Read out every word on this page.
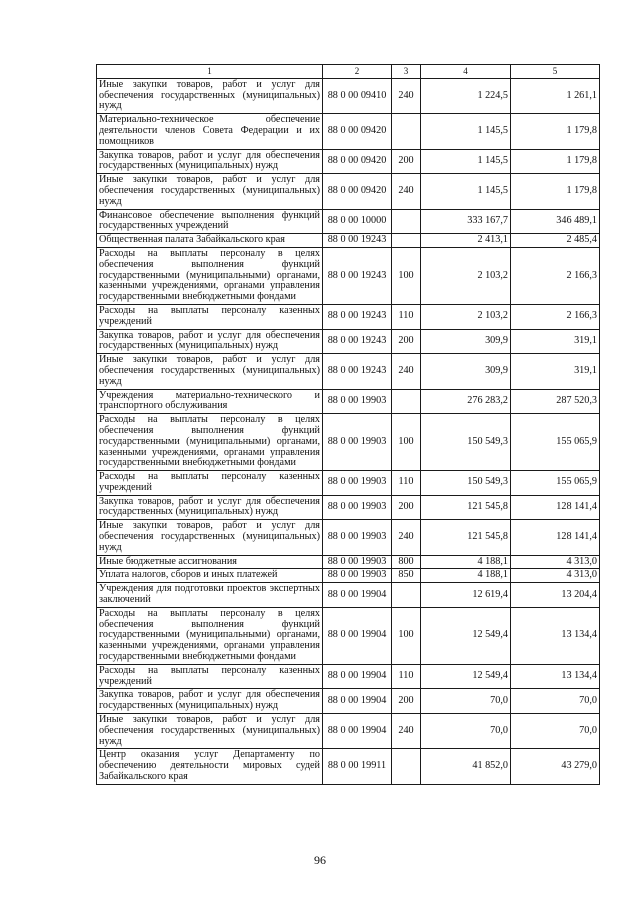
1	2	3	4	5
Иные закупки товаров, работ и услуг для обеспечения государственных (муниципальных) нужд	88 0 00 09410	240	1 224,5	1 261,1
Материально-техническое обеспечение деятельности членов Совета Федерации и их помощников	88 0 00 09420		1 145,5	1 179,8
Закупка товаров, работ и услуг для обеспечения государственных (муниципальных) нужд	88 0 00 09420	200	1 145,5	1 179,8
Иные закупки товаров, работ и услуг для обеспечения государственных (муниципальных) нужд	88 0 00 09420	240	1 145,5	1 179,8
Финансовое обеспечение выполнения функций государственных учреждений	88 0 00 10000		333 167,7	346 489,1
Общественная палата Забайкальского края	88 0 00 19243		2 413,1	2 485,4
Расходы на выплаты персоналу в целях обеспечения выполнения функций государственными (муниципальными) органами, казенными учреждениями, органами управления государственными внебюджетными фондами	88 0 00 19243	100	2 103,2	2 166,3
Расходы на выплаты персоналу казенных учреждений	88 0 00 19243	110	2 103,2	2 166,3
Закупка товаров, работ и услуг для обеспечения государственных (муниципальных) нужд	88 0 00 19243	200	309,9	319,1
Иные закупки товаров, работ и услуг для обеспечения государственных (муниципальных) нужд	88 0 00 19243	240	309,9	319,1
Учреждения материально-технического и транспортного обслуживания	88 0 00 19903		276 283,2	287 520,3
Расходы на выплаты персоналу в целях обеспечения выполнения функций государственными (муниципальными) органами, казенными учреждениями, органами управления государственными внебюджетными фондами	88 0 00 19903	100	150 549,3	155 065,9
Расходы на выплаты персоналу казенных учреждений	88 0 00 19903	110	150 549,3	155 065,9
Закупка товаров, работ и услуг для обеспечения государственных (муниципальных) нужд	88 0 00 19903	200	121 545,8	128 141,4
Иные закупки товаров, работ и услуг для обеспечения государственных (муниципальных) нужд	88 0 00 19903	240	121 545,8	128 141,4
Иные бюджетные ассигнования	88 0 00 19903	800	4 188,1	4 313,0
Уплата налогов, сборов и иных платежей	88 0 00 19903	850	4 188,1	4 313,0
Учреждения для подготовки проектов экспертных заключений	88 0 00 19904		12 619,4	13 204,4
Расходы на выплаты персоналу в целях обеспечения выполнения функций государственными (муниципальными) органами, казенными учреждениями, органами управления государственными внебюджетными фондами	88 0 00 19904	100	12 549,4	13 134,4
Расходы на выплаты персоналу казенных учреждений	88 0 00 19904	110	12 549,4	13 134,4
Закупка товаров, работ и услуг для обеспечения государственных (муниципальных) нужд	88 0 00 19904	200	70,0	70,0
Иные закупки товаров, работ и услуг для обеспечения государственных (муниципальных) нужд	88 0 00 19904	240	70,0	70,0
Центр оказания услуг Департаменту по обеспечению деятельности мировых судей Забайкальского края	88 0 00 19911		41 852,0	43 279,0
96
